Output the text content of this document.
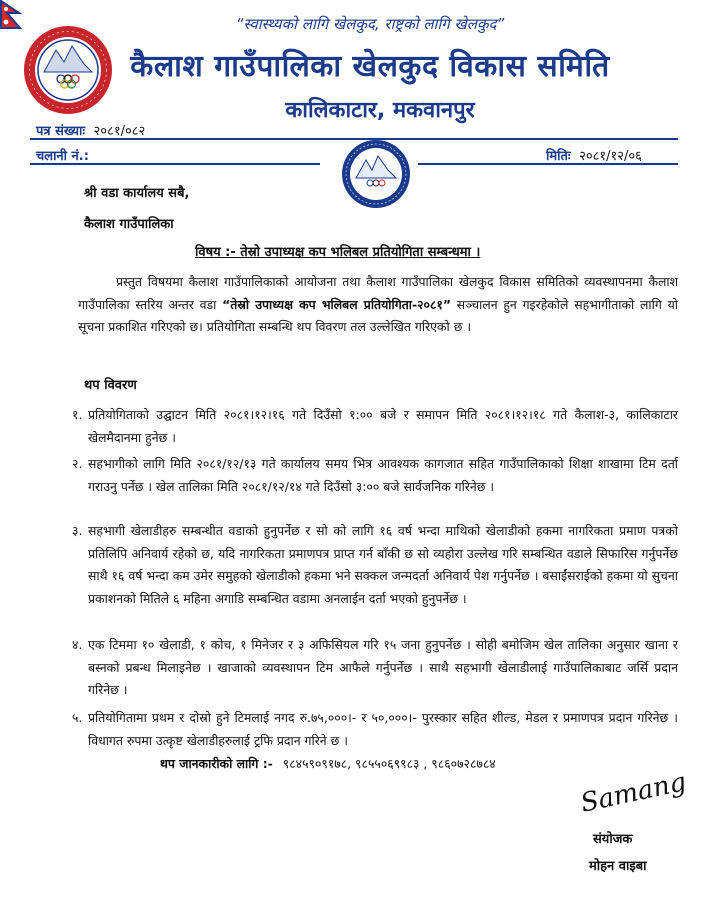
“स्वास्थ्यको लागि खेलकुद, राष्ट्रको लागि खेलकुद”
कैलाश गाउँपालिका खेलकुद विकास समिति
कालिकाटार, मकवानपुर
पत्र संख्याः २०८१/०८२
चलानी नं.:	मितिः २०८१/१२/०६
श्री वडा कार्यालय सबै,
कैलाश गाउँपालिका
विषय :- तेस्रो उपाध्यक्ष कप भलिबल प्रतियोगिता सम्बन्धमा ।
प्रस्तुत विषयमा कैलाश गाउँपालिकाको आयोजना तथा कैलाश गाउँपालिका खेलकुद विकास समितिको व्यवस्थापनमा कैलाश गाउँपालिका स्तरिय अन्तर वडा “तेस्रो उपाध्यक्ष कप भलिबल प्रतियोगिता-२०८१” सञ्चालन हुन गइरहेकोले सहभागीताको लागि यो सूचना प्रकाशित गरिएको छ। प्रतियोगिता सम्बन्धि थप विवरण तल उल्लेखित गरिएको छ ।
थप विवरण
१. प्रतियोगिताको उद्घाटन मिति २०८१।१२।१६ गते दिउँसो १:०० बजे र समापन मिति २०८१।१२।१८ गते कैलाश-३, कालिकाटार खेलमैदानमा हुनेछ ।
२. सहभागीको लागि मिति २०८१/१२/१३ गते कार्यालय समय भित्र आवश्यक कागजात सहित गाउँपालिकाको शिक्षा शाखामा टिम दर्ता गराउनु पर्नेछ । खेल तालिका मिति २०८१/१२/१४ गते दिउँसो ३:०० बजे सार्वजनिक गरिनेछ ।
३. सहभागी खेलाडीहरु सम्बन्धीत वडाको हुनुपर्नेछ र सो को लागि १६ वर्ष भन्दा माथिको खेलाडीको हकमा नागरिकता प्रमाण पत्रको प्रतिलिपि अनिवार्य रहेको छ, यदि नागरिकता प्रमाणपत्र प्राप्त गर्न बाँकी छ सो व्यहोरा उल्लेख गरि सम्बन्धित वडाले सिफारिस गर्नुपर्नेछ साथै १६ वर्ष भन्दा कम उमेर समुहको खेलाडीको हकमा भने सक्कल जन्मदर्ता अनिवार्य पेश गर्नुपर्नेछ । बसाईंसराईको हकमा यो सुचना प्रकाशनको मितिले ६ महिना अगाडि सम्बन्धित वडामा अनलाईन दर्ता भएको हुनुपर्नेछ ।
४. एक टिममा १० खेलाडी, १ कोच, १ मिनेजर र ३ अफिसियल गरि १५ जना हुनुपर्नेछ । सोही बमोजिम खेल तालिका अनुसार खाना र बस्नको प्रबन्ध मिलाइनेछ । खाजाको व्यवस्थापन टिम आफैले गर्नुपर्नेछ । साथै सहभागी खेलाडीलाई गाउँपालिकाबाट जर्सि प्रदान गरिनेछ ।
५. प्रतियोगितामा प्रथम र दोस्रो हुने टिमलाई नगद रु.७५,०००।- र ५०,०००।- पुरस्कार सहित शील्ड, मेडल र प्रमाणपत्र प्रदान गरिनेछ । विधागत रुपमा उत्कृष्ट खेलाडीहरुलाई ट्रफि प्रदान गरिने छ ।
थप जानकारीको लागि :- ९८४५९०९१७८, ९८५५०६९९८३ , ९८६०७२८७८४
Samang
संयोजक
मोहन वाइबा
